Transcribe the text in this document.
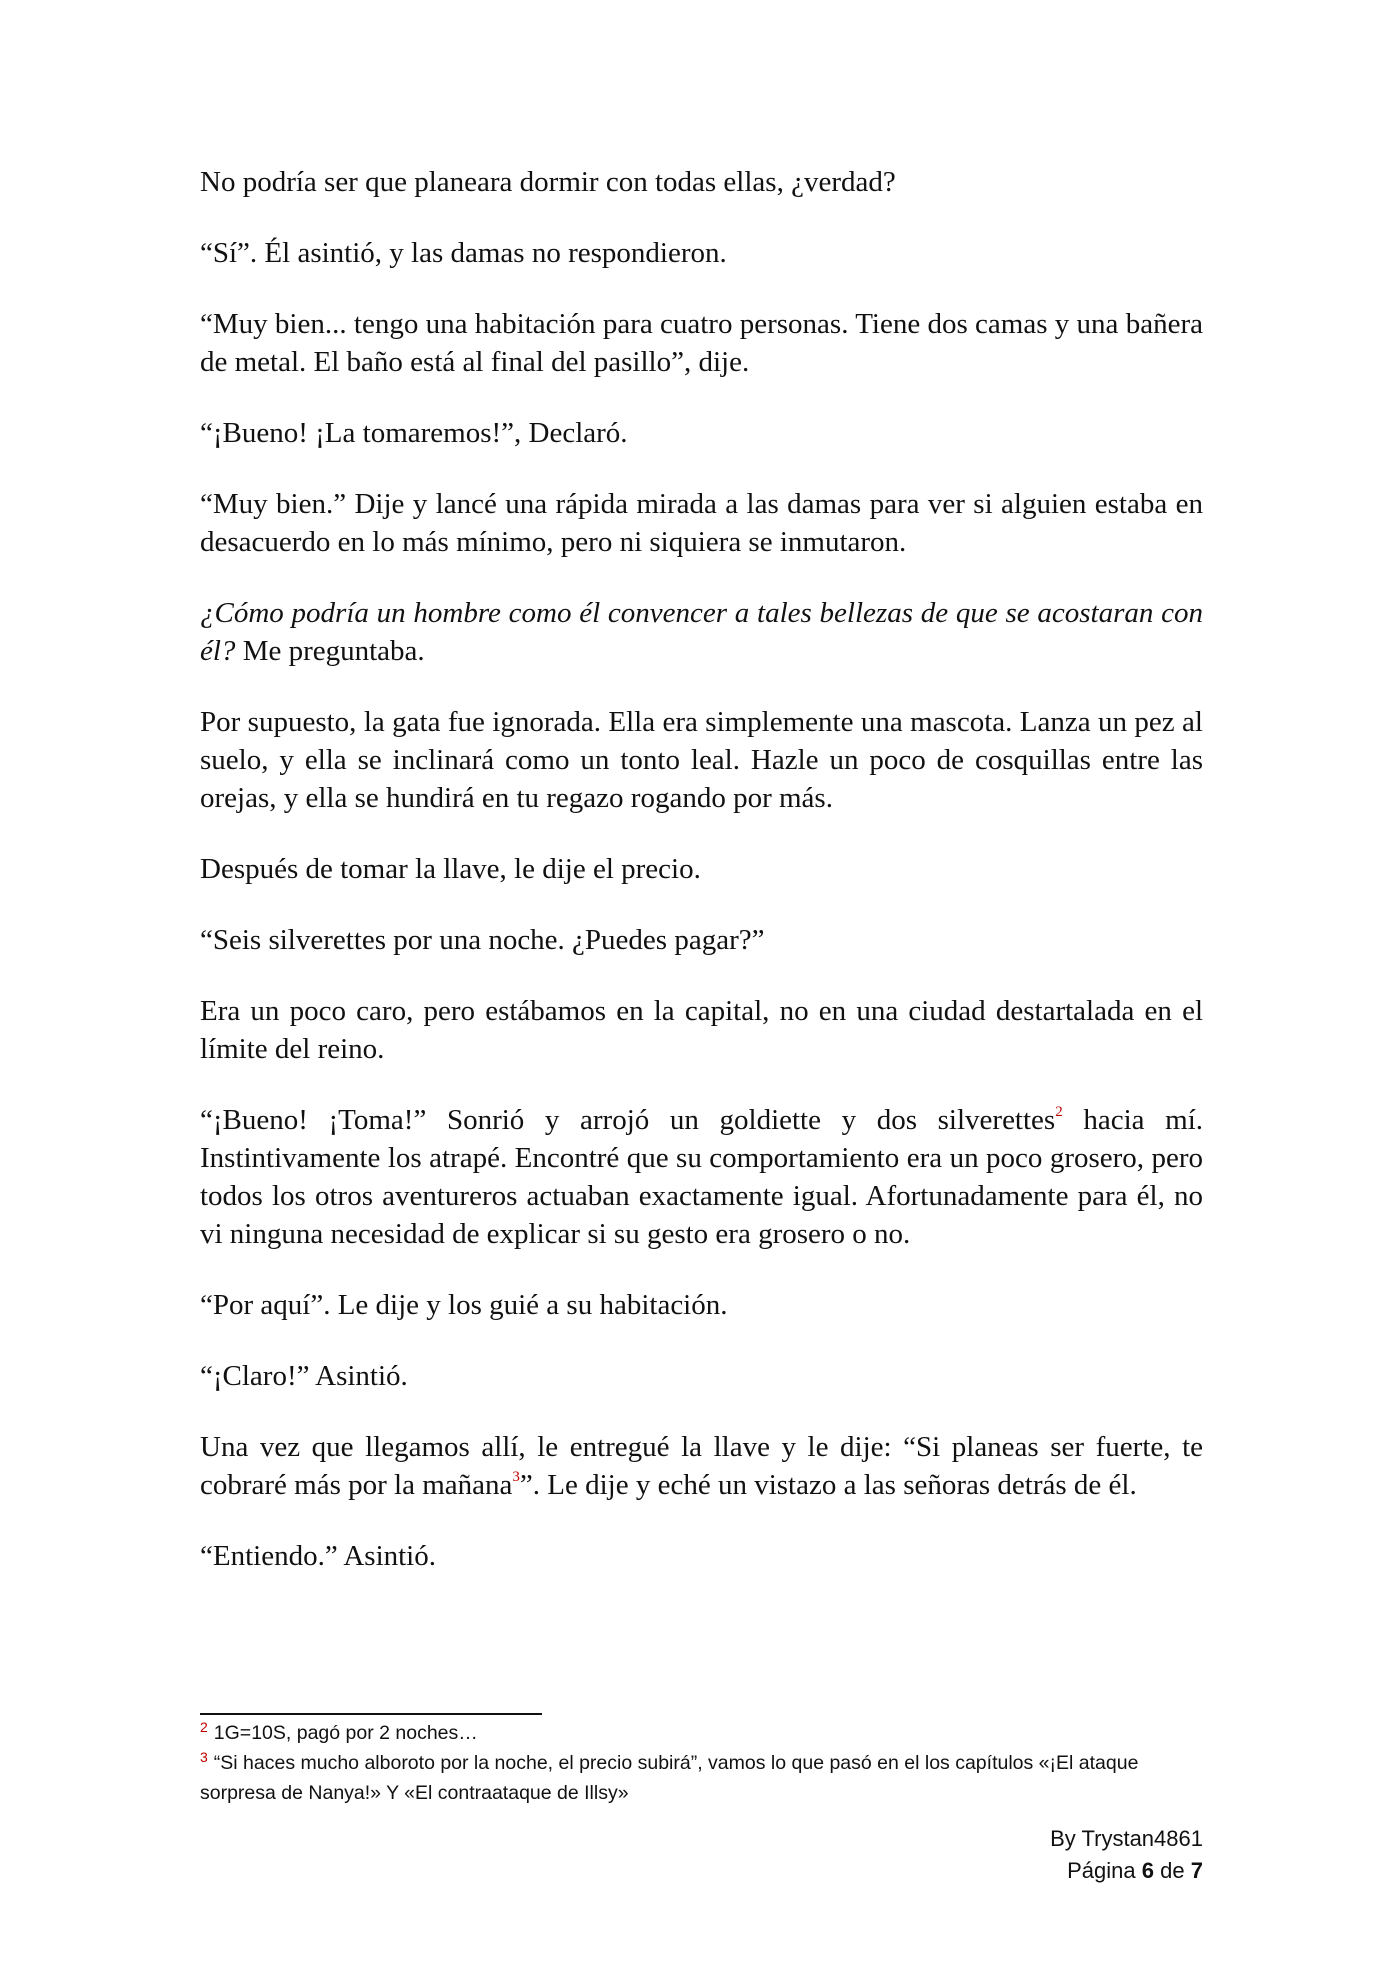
No podría ser que planeara dormir con todas ellas, ¿verdad?

“Sí”. Él asintió, y las damas no respondieron.

“Muy bien... tengo una habitación para cuatro personas. Tiene dos camas y una bañera de metal. El baño está al final del pasillo”, dije.

“¡Bueno! ¡La tomaremos!”, Declaró.

“Muy bien.” Dije y lancé una rápida mirada a las damas para ver si alguien estaba en desacuerdo en lo más mínimo, pero ni siquiera se inmutaron.

¿Cómo podría un hombre como él convencer a tales bellezas de que se acostaran con él? Me preguntaba.

Por supuesto, la gata fue ignorada. Ella era simplemente una mascota. Lanza un pez al suelo, y ella se inclinará como un tonto leal. Hazle un poco de cosquillas entre las orejas, y ella se hundirá en tu regazo rogando por más.

Después de tomar la llave, le dije el precio.

“Seis silverettes por una noche. ¿Puedes pagar?”

Era un poco caro, pero estábamos en la capital, no en una ciudad destartalada en el límite del reino.

“¡Bueno! ¡Toma!” Sonrió y arrojó un goldiette y dos silverettes$^2$ hacia mí. Instintivamente los atrapé. Encontré que su comportamiento era un poco grosero, pero todos los otros aventureros actuaban exactamente igual. Afortunadamente para él, no vi ninguna necesidad de explicar si su gesto era grosero o no.

“Por aquí”. Le dije y los guié a su habitación.

“¡Claro!” Asintió.

Una vez que llegamos allí, le entregué la llave y le dije: “Si planeas ser fuerte, te cobraré más por la mañana$^3$”. Le dije y eché un vistazo a las señoras detrás de él.

“Entiendo.” Asintió.

$^2$ 1G=10S, pagó por 2 noches…

$^3$ “Si haces mucho alboroto por la noche, el precio subirá”, vamos lo que pasó en el los capítulos «¡El ataque sorpresa de Nanya!» Y «El contraataque de Illsy»

By Trystan4861
Página 6 de 7
